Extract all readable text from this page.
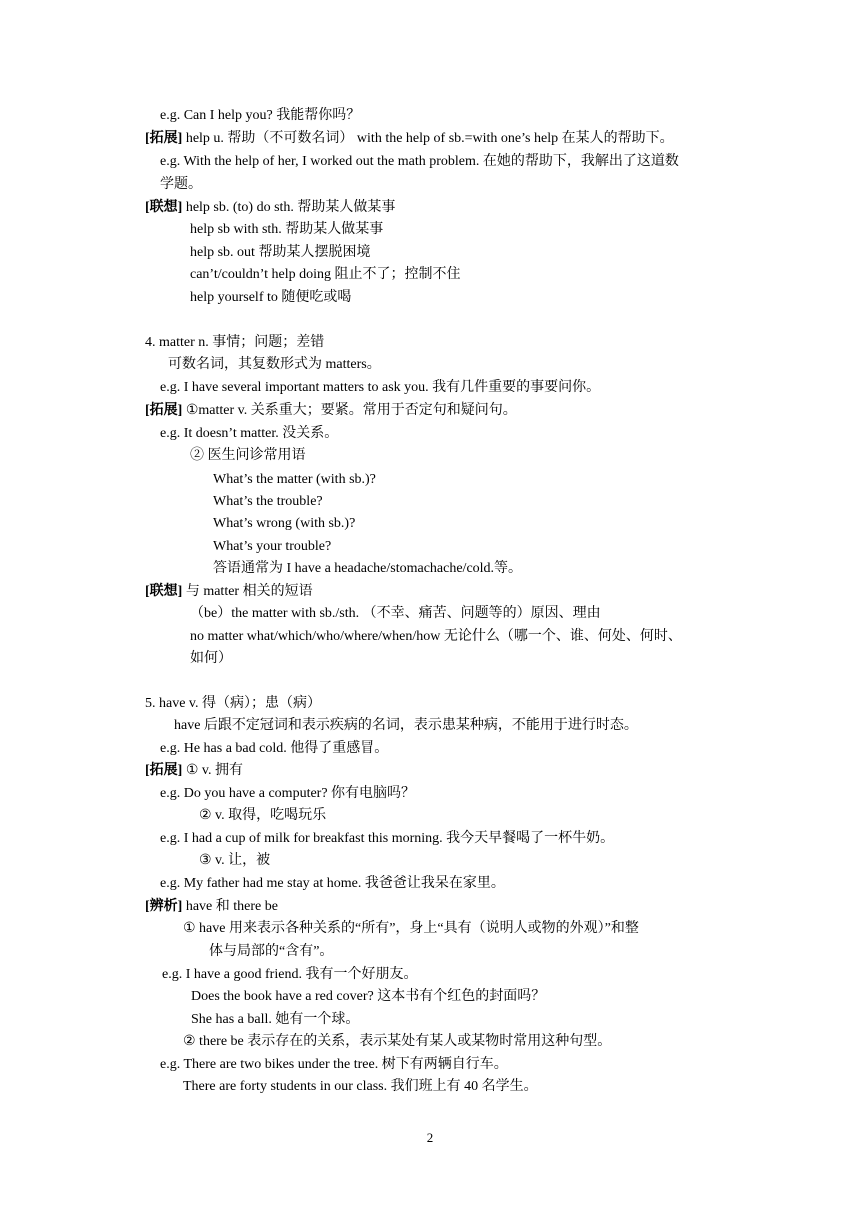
e.g. Can I help you? 我能帮你吗？
[拓展] help u. 帮助（不可数名词） with the help of sb.=with one’s help 在某人的帮助下。
e.g. With the help of her, I worked out the math problem. 在她的帮助下，我解出了这道数
学题。
[联想] help sb. (to) do sth. 帮助某人做某事
help sb with sth. 帮助某人做某事
help sb. out 帮助某人摆脱困境
can’t/couldn’t help doing 阻止不了；控制不住
help yourself to 随便吃或喝
4. matter n. 事情；问题；差错
可数名词，其复数形式为 matters。
e.g. I have several important matters to ask you. 我有几件重要的事要问你。
[拓展] ①matter v. 关系重大；要紧。常用于否定句和疑问句。
e.g. It doesn’t matter. 没关系。
② 医生问诊常用语
What’s the matter (with sb.)?
What’s the trouble?
What’s wrong (with sb.)?
What’s your trouble?
答语通常为 I have a headache/stomachache/cold.等。
[联想] 与 matter 相关的短语
（be）the matter with sb./sth. （不幸、痛苦、问题等的）原因、理由
no matter what/which/who/where/when/how 无论什么（哪一个、谁、何处、何时、
如何）
5. have v. 得（病）；患（病）
have 后跟不定冠词和表示疾病的名词，表示患某种病，不能用于进行时态。
e.g. He has a bad cold. 他得了重感冒。
[拓展] ① v. 拥有
e.g. Do you have a computer? 你有电脑吗？
② v. 取得，吃喝玩乐
e.g. I had a cup of milk for breakfast this morning. 我今天早餐喝了一杯牛奶。
③ v. 让，被
e.g. My father had me stay at home. 我爸爸让我呆在家里。
[辨析] have 和 there be
① have 用来表示各种关系的“所有”，身上“具有（说明人或物的外观）”和整
体与局部的“含有”。
e.g. I have a good friend. 我有一个好朋友。
Does the book have a red cover? 这本书有个红色的封面吗？
She has a ball. 她有一个球。
② there be 表示存在的关系，表示某处有某人或某物时常用这种句型。
e.g. There are two bikes under the tree. 树下有两辆自行车。
There are forty students in our class. 我们班上有 40 名学生。
2
